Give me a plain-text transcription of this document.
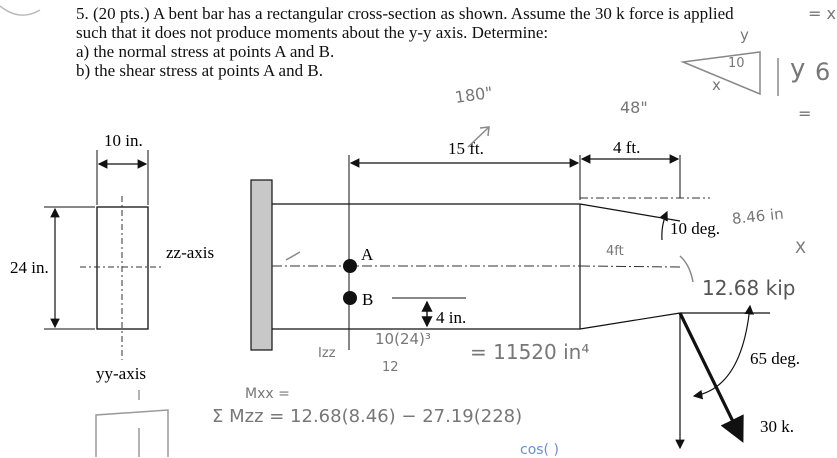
5. (20 pts.) A bent bar has a rectangular cross-section as shown. Assume the 30 k force is applied
such that it does not produce moments about the y-y axis. Determine:
a) the normal stress at points A and B.
b) the shear stress at points A and B.
10 in.
24 in.
zz-axis
yy-axis
A
B
4 in.
15 ft.	4 ft.
10 deg.
65 deg.
30 k.
180"
48"
8.46 in
12.68 kip
4ft
10
10(24)³
12
= 11520 in⁴
Izz
Mxx =
Σ Mzz = 12.68(8.46) − 27.19(228)
= x
y
y
x	6
X
=
cos( )
